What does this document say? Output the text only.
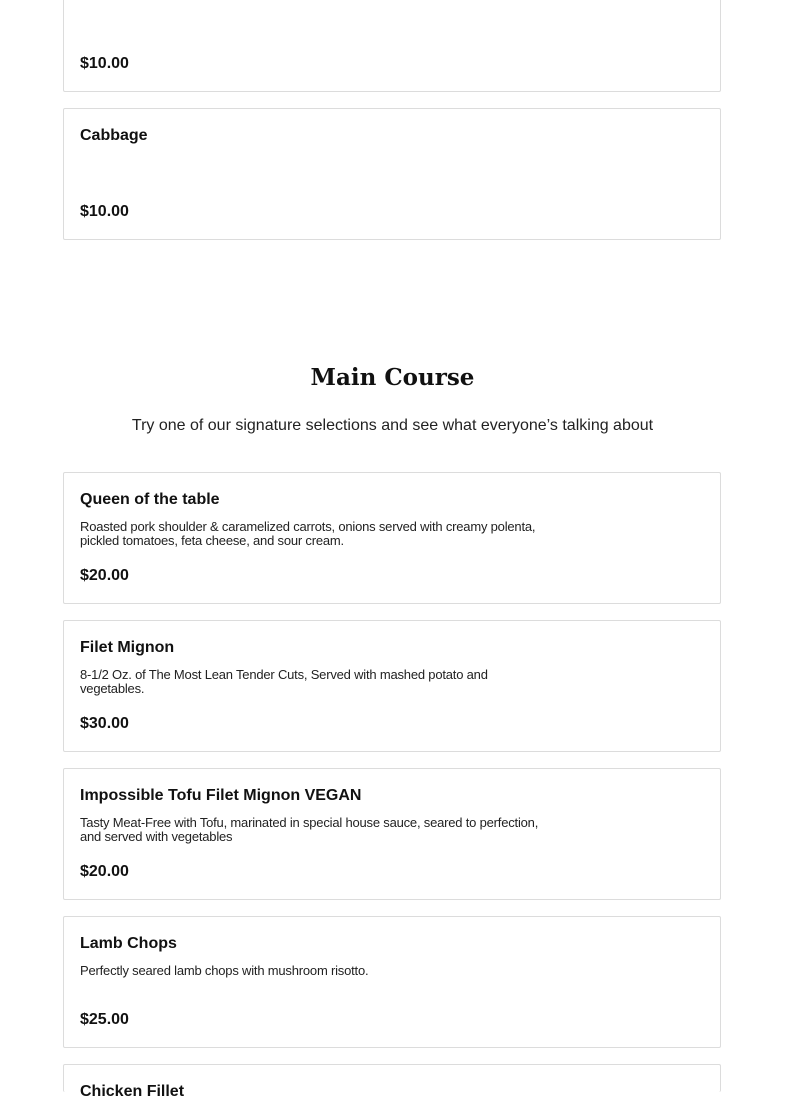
$10.00
Cabbage
$10.00
Main Course
Try one of our signature selections and see what everyone’s talking about
Queen of the table
Roasted pork shoulder & caramelized carrots, onions served with creamy polenta, pickled tomatoes, feta cheese, and sour cream.
$20.00
Filet Mignon
8-1/2 Oz. of The Most Lean Tender Cuts, Served with mashed potato and vegetables.
$30.00
Impossible Tofu Filet Mignon VEGAN
Tasty Meat-Free with Tofu, marinated in special house sauce, seared to perfection, and served with vegetables
$20.00
Lamb Chops
Perfectly seared lamb chops with mushroom risotto.
$25.00
Chicken Fillet
